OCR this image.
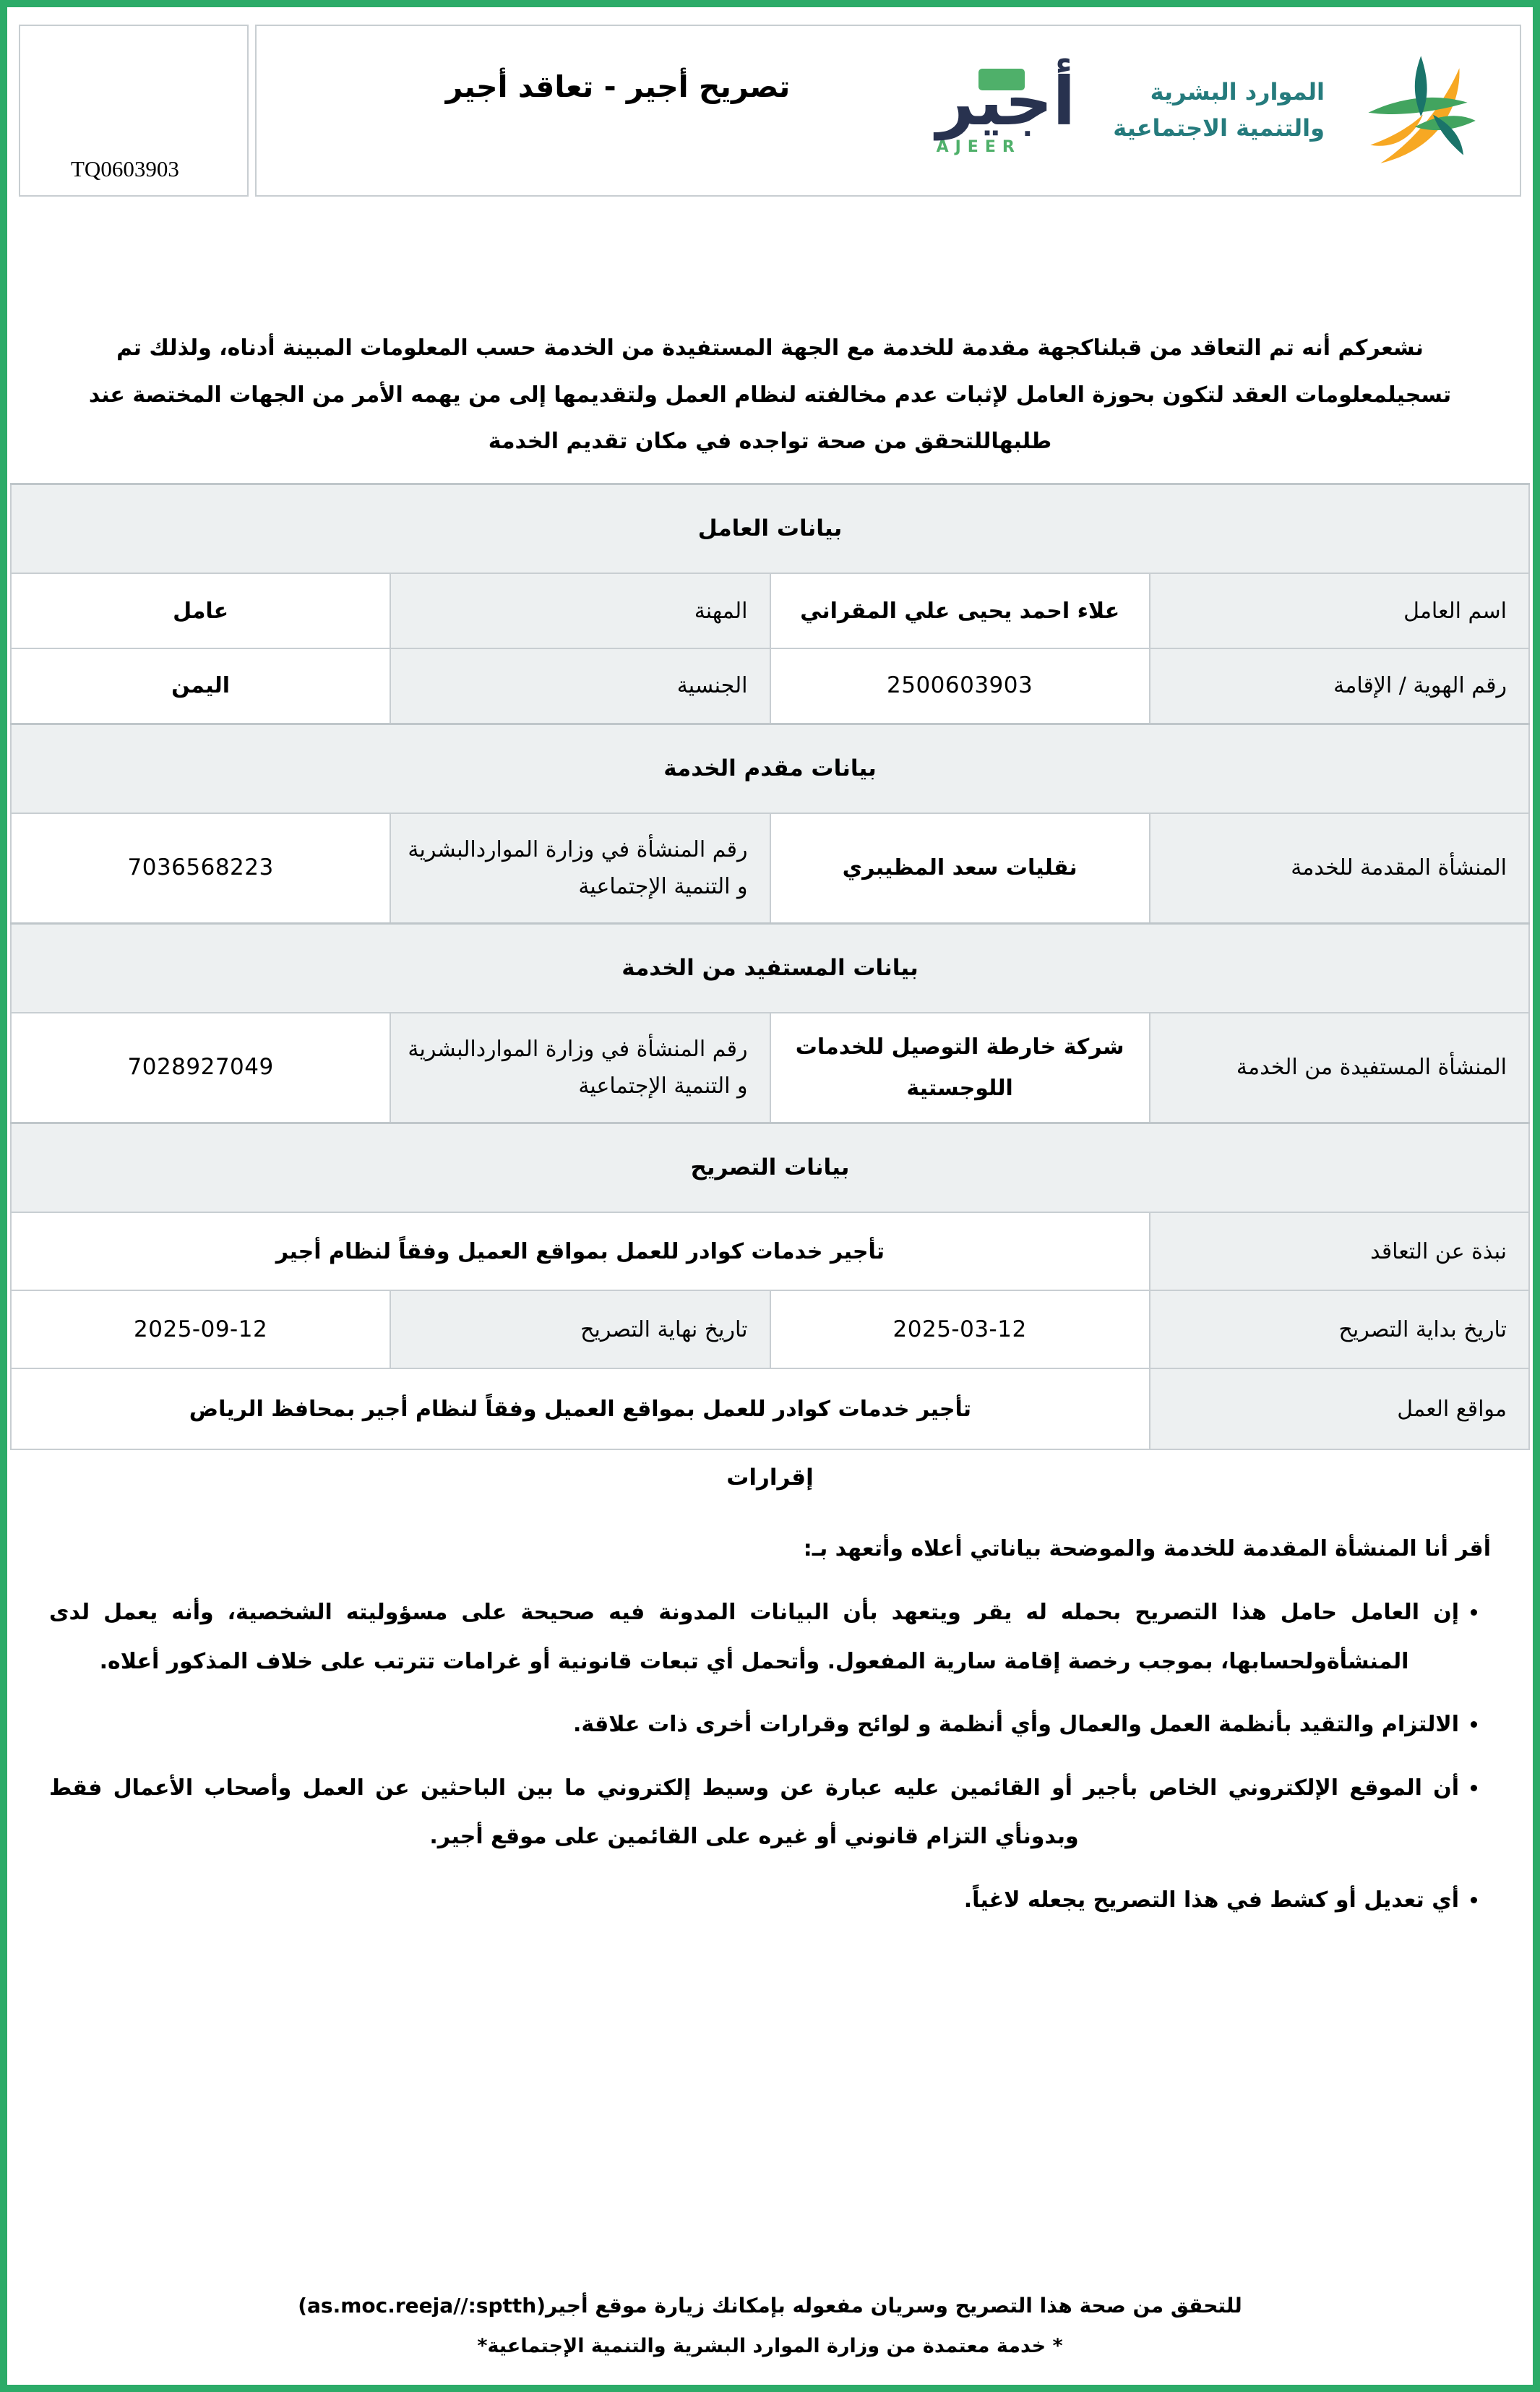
TQ0603903
تصريح أجير - تعاقد أجير أجير
AJEER
الموارد البشرية
والتنمية الاجتماعية
نشعركم أنه تم التعاقد من قبلناكجهة مقدمة للخدمة مع الجهة المستفيدة من الخدمة حسب المعلومات المبينة أدناه، ولذلك تم تسجيلمعلومات العقد لتكون بحوزة العامل لإثبات عدم مخالفته لنظام العمل ولتقديمها إلى من يهمه الأمر من الجهات المختصة عند طلبهاللتحقق من صحة تواجده في مكان تقديم الخدمة
بيانات العامل			
اسم العامل	علاء احمد يحيى علي المقراني	المهنة	عامل
رقم الهوية / الإقامة	2500603903	الجنسية	اليمن
بيانات مقدم الخدمة			
المنشأة المقدمة للخدمة	نقليات سعد المظيبري	رقم المنشأة في وزارة المواردالبشرية و التنمية الإجتماعية	7036568223
بيانات المستفيد من الخدمة			
المنشأة المستفيدة من الخدمة	شركة خارطة التوصيل للخدمات اللوجستية	رقم المنشأة في وزارة المواردالبشرية و التنمية الإجتماعية	7028927049
بيانات التصريح			
نبذة عن التعاقد	تأجير خدمات كوادر للعمل بمواقع العميل وفقاً لنظام أجير		
تاريخ بداية التصريح	2025-03-12	تاريخ نهاية التصريح	2025-09-12
مواقع العمل	تأجير خدمات كوادر للعمل بمواقع العميل وفقاً لنظام أجير بمحافظ الرياض		
إقرارات
أقر أنا المنشأة المقدمة للخدمة والموضحة بياناتي أعلاه وأتعهد بـ:
• إن العامل حامل هذا التصريح بحمله له يقر ويتعهد بأن البيانات المدونة فيه صحيحة على مسؤوليته الشخصية، وأنه يعمل لدى المنشأةولحسابها، بموجب رخصة إقامة سارية المفعول. وأتحمل أي تبعات قانونية أو غرامات تترتب على خلاف المذكور أعلاه.
• الالتزام والتقيد بأنظمة العمل والعمال وأي أنظمة و لوائح وقرارات أخرى ذات علاقة.
• أن الموقع الإلكتروني الخاص بأجير أو القائمين عليه عبارة عن وسيط إلكتروني ما بين الباحثين عن العمل وأصحاب الأعمال فقط وبدونأي التزام قانوني أو غيره على القائمين على موقع أجير.
• أي تعديل أو كشط في هذا التصريح يجعله لاغياً.
للتحقق من صحة هذا التصريح وسريان مفعوله بإمكانك زيارة موقع أجير(as.moc.reeja//:sptth)
* خدمة معتمدة من وزارة الموارد البشرية والتنمية الإجتماعية*
